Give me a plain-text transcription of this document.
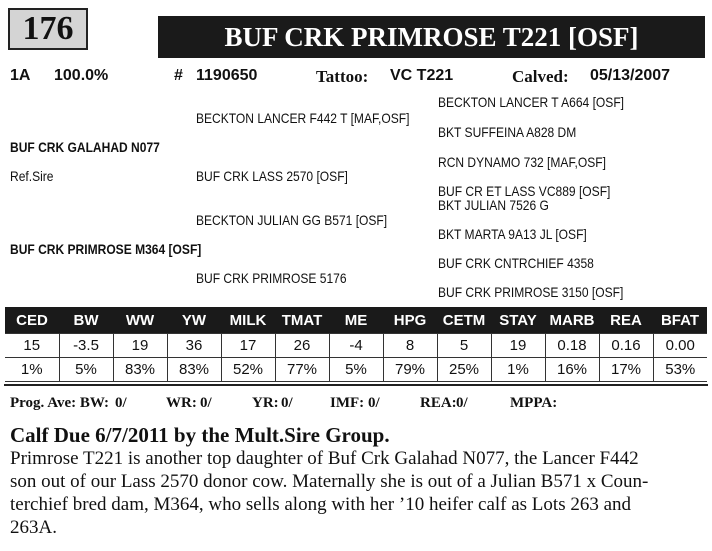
176	BUF CRK PRIMROSE T221 [OSF]
1A 100.0%	# 1190650	Tattoo: VC T221	Calved: 05/13/2007
BECKTON LANCER T A664 [OSF]
BECKTON LANCER F442 T [MAF,OSF]
BKT SUFFEINA A828 DM
BUF CRK GALAHAD N077
RCN DYNAMO 732 [MAF,OSF]
Ref.Sire	BUF CRK LASS 2570 [OSF]
BUF CR ET LASS VC889 [OSF]
BKT JULIAN 7526 G
BECKTON JULIAN GG B571 [OSF]
BKT MARTA 9A13 JL [OSF]
BUF CRK PRIMROSE M364 [OSF]
BUF CRK CNTRCHIEF 4358
BUF CRK PRIMROSE 5176
BUF CRK PRIMROSE 3150 [OSF]
CED	BW	WW	YW	MILK	TMAT	ME	HPG	CETM	STAY	MARB	REA	BFAT
15	-3.5	19	36	17	26	-4	8	5	19	0.18	0.16	0.00
1%	5%	83%	83%	52%	77%	5%	79%	25%	1%	16%	17%	53%
Prog. Ave: BW: 0/	WR: 0/	YR: 0/ IMF: 0/	REA: 0/	MPPA:
Calf Due 6/7/2011 by the Mult.Sire Group.
Primrose T221 is another top daughter of Buf Crk Galahad N077, the Lancer F442
son out of our Lass 2570 donor cow. Maternally she is out of a Julian B571 x Coun-
terchief bred dam, M364, who sells along with her ’10 heifer calf as Lots 263 and
263A.
